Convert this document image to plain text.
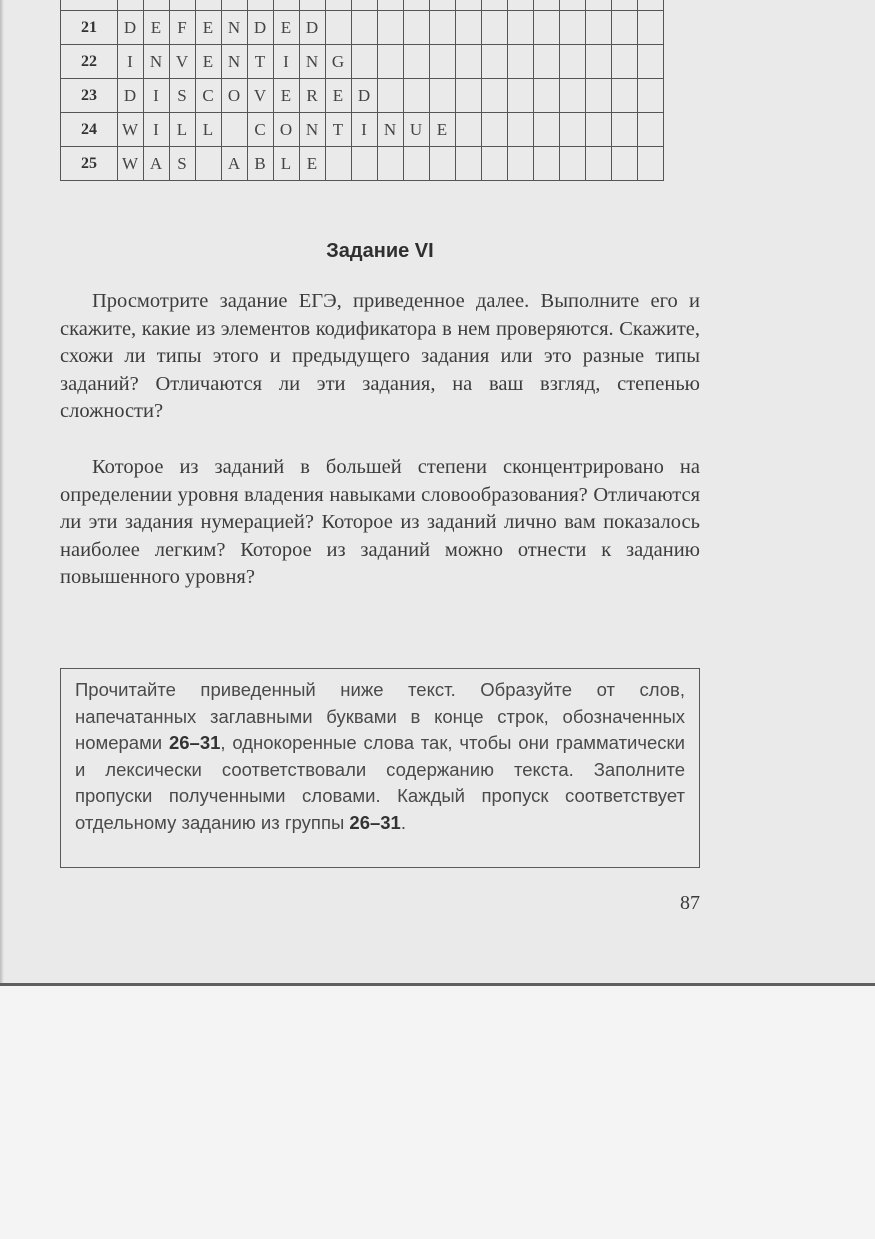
21	D	E	F	E	N	D	E	D													
22	I	N	V	E	N	T	I	N	G												
23	D	I	S	C	O	V	E	R	E	D											
24	W	I	L	L		C	O	N	T	I	N	U	E								
25	W	A	S		A	B	L	E													
Задание VI

Просмотрите задание ЕГЭ, приведенное далее. Выполните его и скажите, какие из элементов кодификатора в нем проверяются. Скажите, схожи ли типы этого и предыдущего задания или это разные типы заданий? Отличаются ли эти задания, на ваш взгляд, степенью сложности?

Которое из заданий в большей степени сконцентрировано на определении уровня владения навыками словообразования? Отличаются ли эти задания нумерацией? Которое из заданий лично вам показалось наиболее легким? Которое из заданий можно отнести к заданию повышенного уровня?

Прочитайте приведенный ниже текст. Образуйте от слов, напечатанных заглавными буквами в конце строк, обозначенных номерами 26–31, однокоренные слова так, чтобы они грамматически и лексически соответствовали содержанию текста. Заполните пропуски полученными словами. Каждый пропуск соответствует отдельному заданию из группы 26–31.
87
